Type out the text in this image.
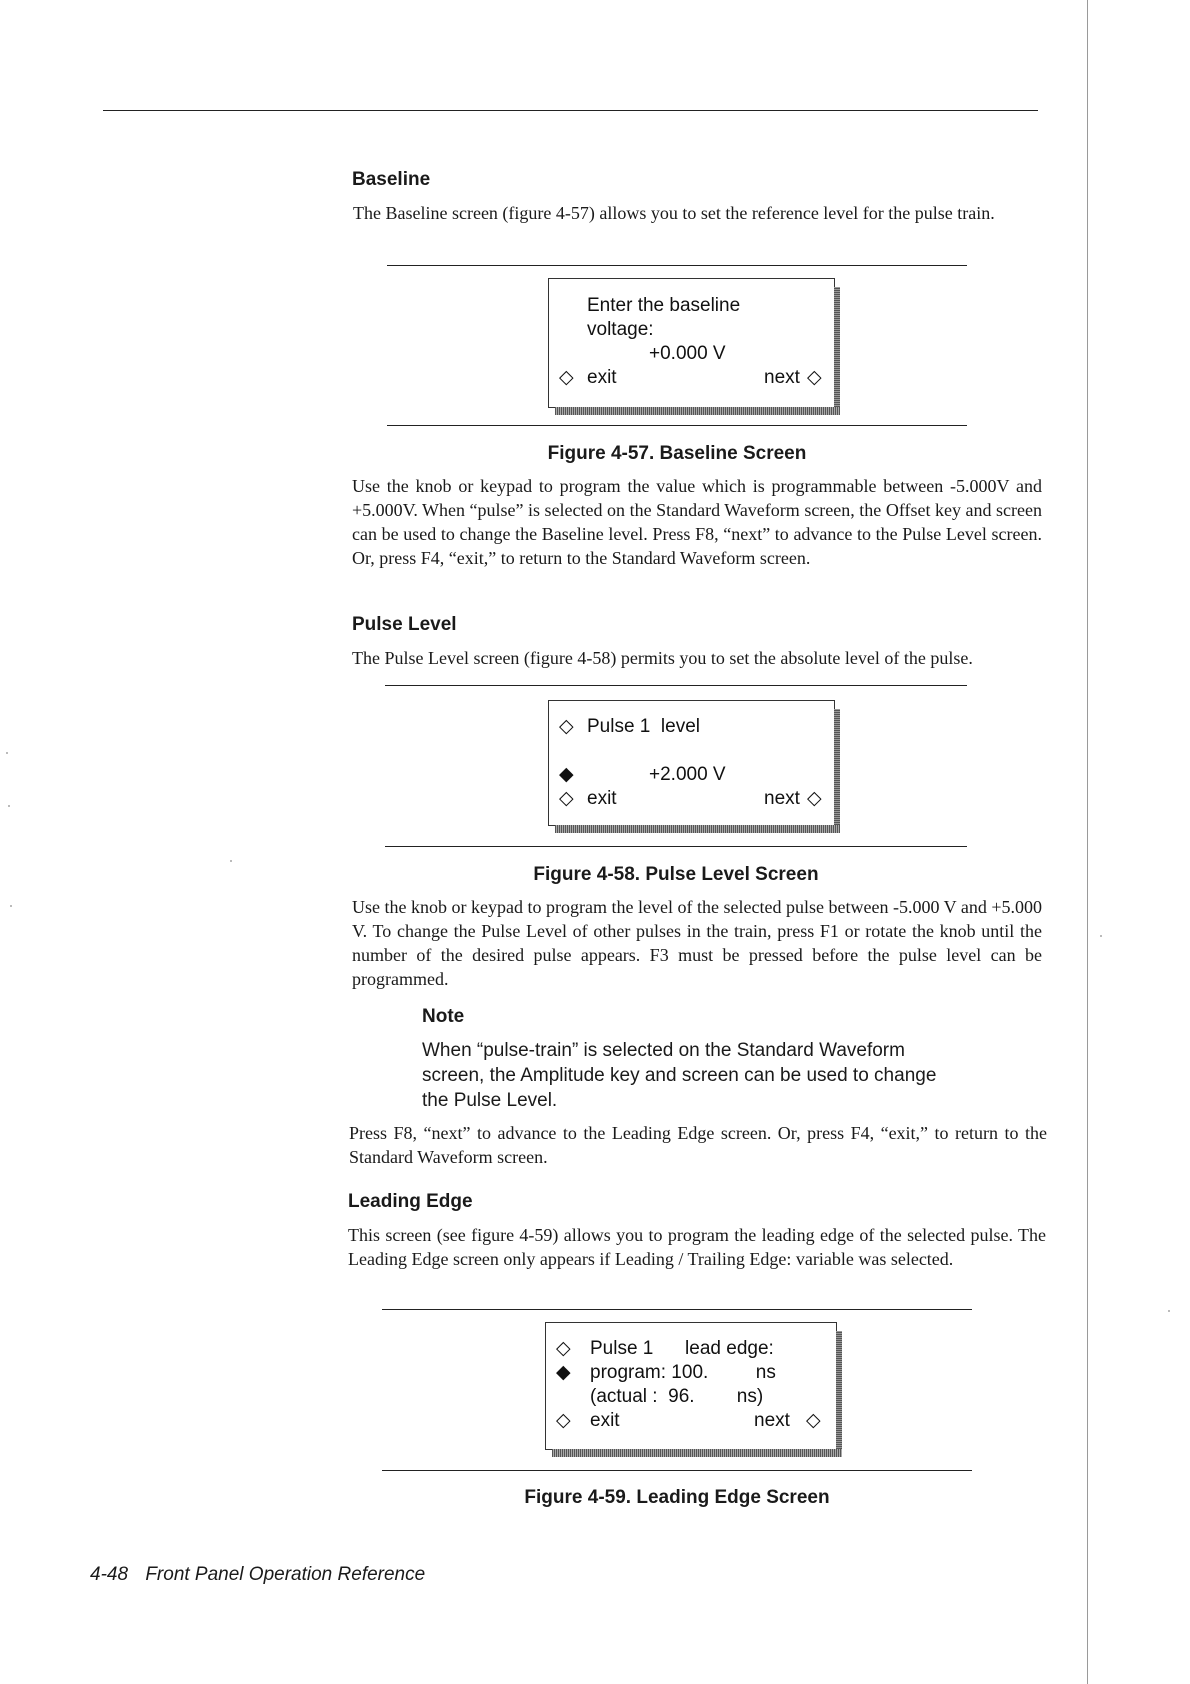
Baseline

The Baseline screen (figure 4-57) allows you to set the reference level for the pulse train.

Enter the baseline
voltage:
+0.000 V
◇ exit	next ◇
Figure 4-57. Baseline Screen

Use the knob or keypad to program the value which is programmable between -5.000V and +5.000V. When “pulse” is selected on the Standard Waveform screen, the Offset key and screen can be used to change the Baseline level. Press F8, “next” to advance to the Pulse Level screen. Or, press F4, “exit,” to return to the Standard Waveform screen.

Pulse Level

The Pulse Level screen (figure 4-58) permits you to set the absolute level of the pulse.

◇ Pulse 1  level
◆	+2.000 V
◇ exit	next ◇
Figure 4-58. Pulse Level Screen

Use the knob or keypad to program the level of the selected pulse between -5.000 V and +5.000 V. To change the Pulse Level of other pulses in the train, press F1 or rotate the knob until the number of the desired pulse appears. F3 must be pressed before the pulse level can be programmed.

Note

When “pulse-train” is selected on the Standard Waveform screen, the Amplitude key and screen can be used to change the Pulse Level.

Press F8, “next” to advance to the Leading Edge screen. Or, press F4, “exit,” to return to the Standard Waveform screen.

Leading Edge

This screen (see figure 4-59) allows you to program the leading edge of the selected pulse. The Leading Edge screen only appears if Leading / Trailing Edge: variable was selected.

◇ Pulse 1      lead edge:
◆ program: 100.         ns
(actual :  96.        ns)
◇ exit	next ◇
Figure 4-59. Leading Edge Screen
4-48 Front Panel Operation Reference
